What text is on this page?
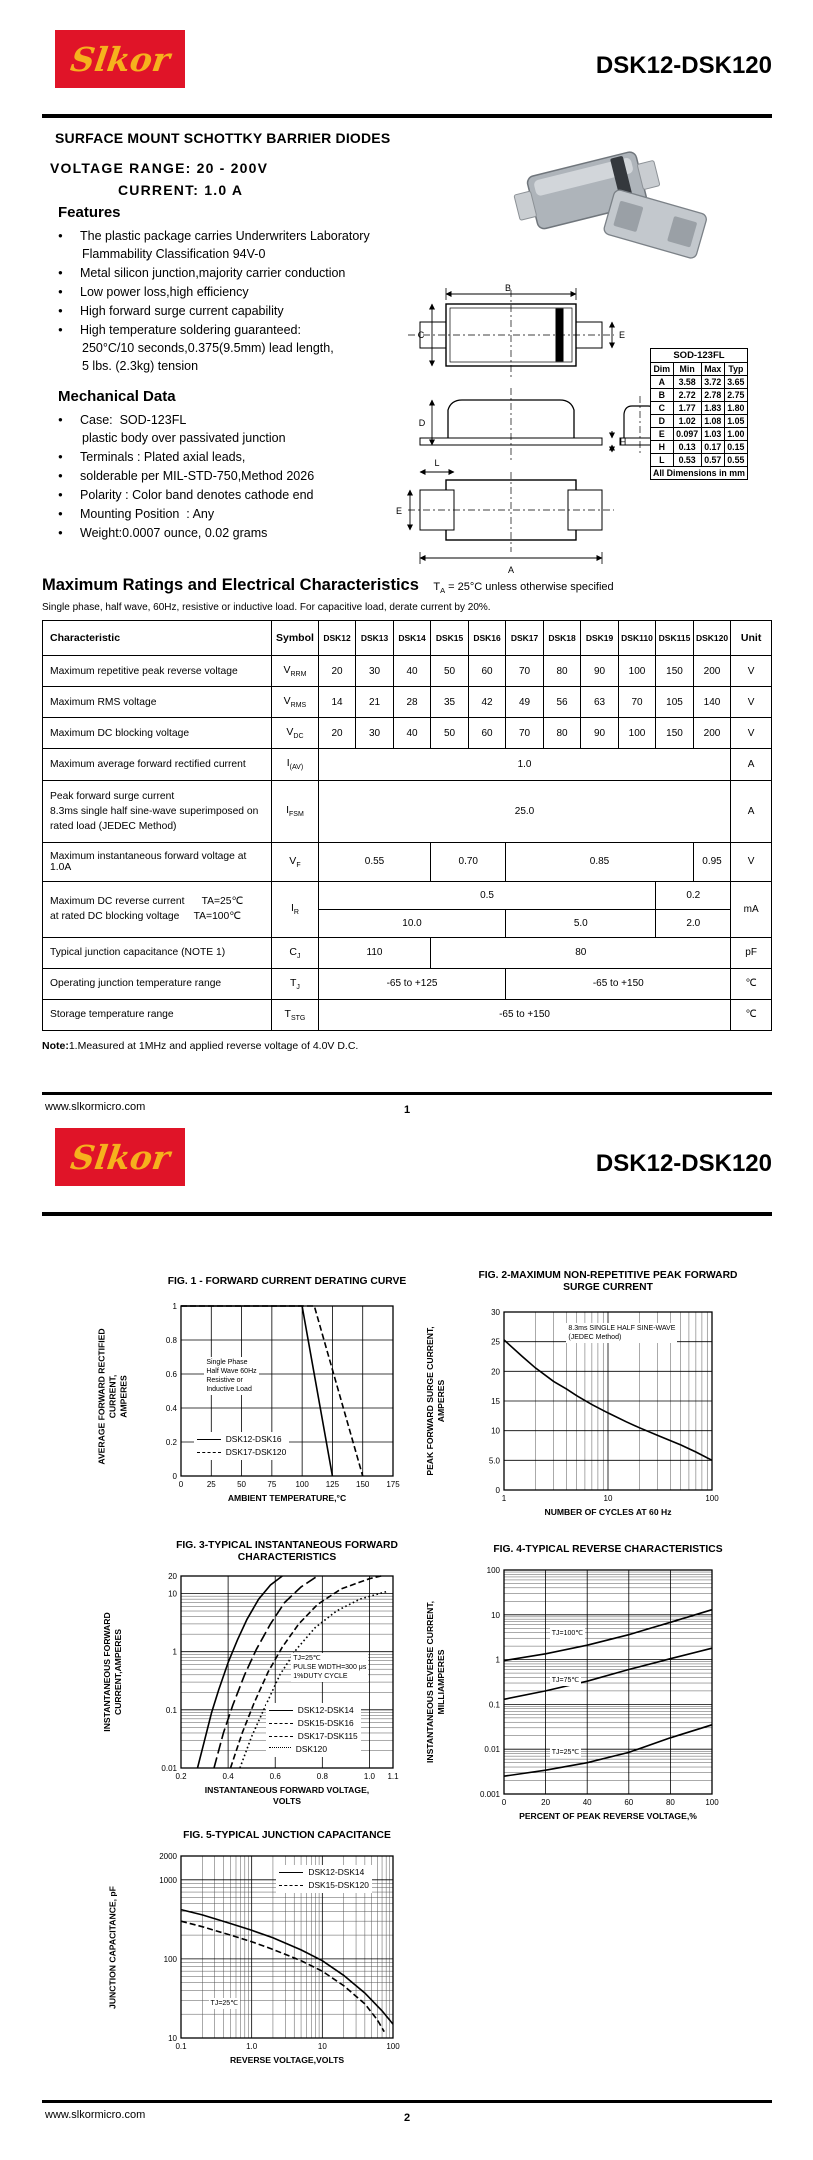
Slkor	DSK12-DSK120
SURFACE MOUNT SCHOTTKY BARRIER DIODES
VOLTAGE RANGE: 20 - 200V
CURRENT: 1.0 A
Features
●	The plastic package carries Underwriters Laboratory
Flammability Classification 94V-0
●	Metal silicon junction,majority carrier conduction
●	Low power loss,high efficiency
●	High forward surge current capability
●	High temperature soldering guaranteed:
250°C/10 seconds,0.375(9.5mm) lead length,
5 lbs. (2.3kg) tension
Mechanical Data
●	Case:  SOD-123FL
plastic body over passivated junction
●	Terminals : Plated axial leads,
●	solderable per MIL-STD-750,Method 2026
●	Polarity : Color band denotes cathode end
●	Mounting Position  : Any
●	Weight:0.0007 ounce, 0.02 grams
B
C	E
D
H
L
E
A
SOD-123FL			
Dim	Min	Max	Typ
A	3.58	3.72	3.65
B	2.72	2.78	2.75
C	1.77	1.83	1.80
D	1.02	1.08	1.05
E	0.097	1.03	1.00
H	0.13	0.17	0.15
L	0.53	0.57	0.55
All Dimensions in mm			
Maximum Ratings and Electrical Characteristics $T_A = 25^\circ C$ unless otherwise specified
Single phase, half wave, 60Hz, resistive or inductive load. For capacitive load, derate current by 20%.
Characteristic	Symbol	DSK12	DSK13	DSK14	DSK15	DSK16	DSK17	DSK18	DSK19	DSK110	DSK115	DSK120	Unit
Maximum repetitive peak reverse voltage	$V_{RRM}$	20	30	40	50	60	70	80	90	100	150	200	V
Maximum RMS voltage	$V_{RMS}$	14	21	28	35	42	49	56	63	70	105	140	V
Maximum DC blocking voltage	$V_{DC}$	20	30	40	50	60	70	80	90	100	150	200	V
Maximum average forward rectified current	$I_{(AV)}$	1.0											A

Peak forward surge current
8.3ms single half sine-wave superimposed on
rated load (JEDEC Method)	$I_{FSM}$	25.0											A
Maximum instantaneous forward voltage at 1.0A	$V_F$	0.55			0.70		0.85					0.95	V

Maximum DC reverse current      TA=25℃
at rated DC blocking voltage     TA=100℃	$I_R$	0.5									0.2		mA
		10.0					5.0				2.0		
Typical junction capacitance (NOTE 1)	$C_J$	110			80								pF
Operating junction temperature range	$T_J$	-65 to +125					-65 to +150						℃
Storage temperature range	$T_{STG}$	-65 to +150											℃
Note:1.Measured at 1MHz and applied reverse voltage of 4.0V D.C.
www.slkormicro.com	1
Slkor	DSK12-DSK120
FIG. 1 - FORWARD CURRENT DERATING CURVE
0	25	50	75 100 125 150 175
0
0.2
0.4
0.6
0.8
1
AVERAGE FORWARD RECTIFIED CURRENT, AMPERES
AMBIENT TEMPERATURE,°C
Single Phase
Half Wave 60Hz
Resistive or
Inductive Load
DSK12-DSK16
DSK17-DSK120
FIG. 2-MAXIMUM NON-REPETITIVE PEAK FORWARD
SURGE CURRENT
1	10	100
0
5.0
10
15
20
25
30
PEAK FORWARD SURGE CURRENT, AMPERES
NUMBER OF CYCLES AT 60 Hz
8.3ms SINGLE HALF SINE-WAVE
(JEDEC Method)
FIG. 3-TYPICAL INSTANTANEOUS FORWARD
CHARACTERISTICS
0.2	0.4	0.6	0.8	1.0 1.1
0.01
0.1
1
10
20
INSTANTANEOUS FORWARD CURRENT,AMPERES
INSTANTANEOUS FORWARD VOLTAGE,
VOLTS
TJ=25℃
PULSE WIDTH=300 μs
1%DUTY CYCLE
DSK12-DSK14
DSK15-DSK16
DSK17-DSK115
DSK120
FIG. 4-TYPICAL REVERSE CHARACTERISTICS
0	20	40	60	80	100
0.001
0.01
0.1
1
10
100
INSTANTANEOUS REVERSE CURRENT, MILLIAMPERES
PERCENT OF PEAK REVERSE VOLTAGE,%
TJ=100℃
TJ=75℃
TJ=25℃
FIG. 5-TYPICAL JUNCTION CAPACITANCE
0.1	1.0	10	100
10
100
1000
2000
JUNCTION CAPACITANCE, pF
REVERSE VOLTAGE,VOLTS
TJ=25℃
DSK12-DSK14
DSK15-DSK120
www.slkormicro.com	2
